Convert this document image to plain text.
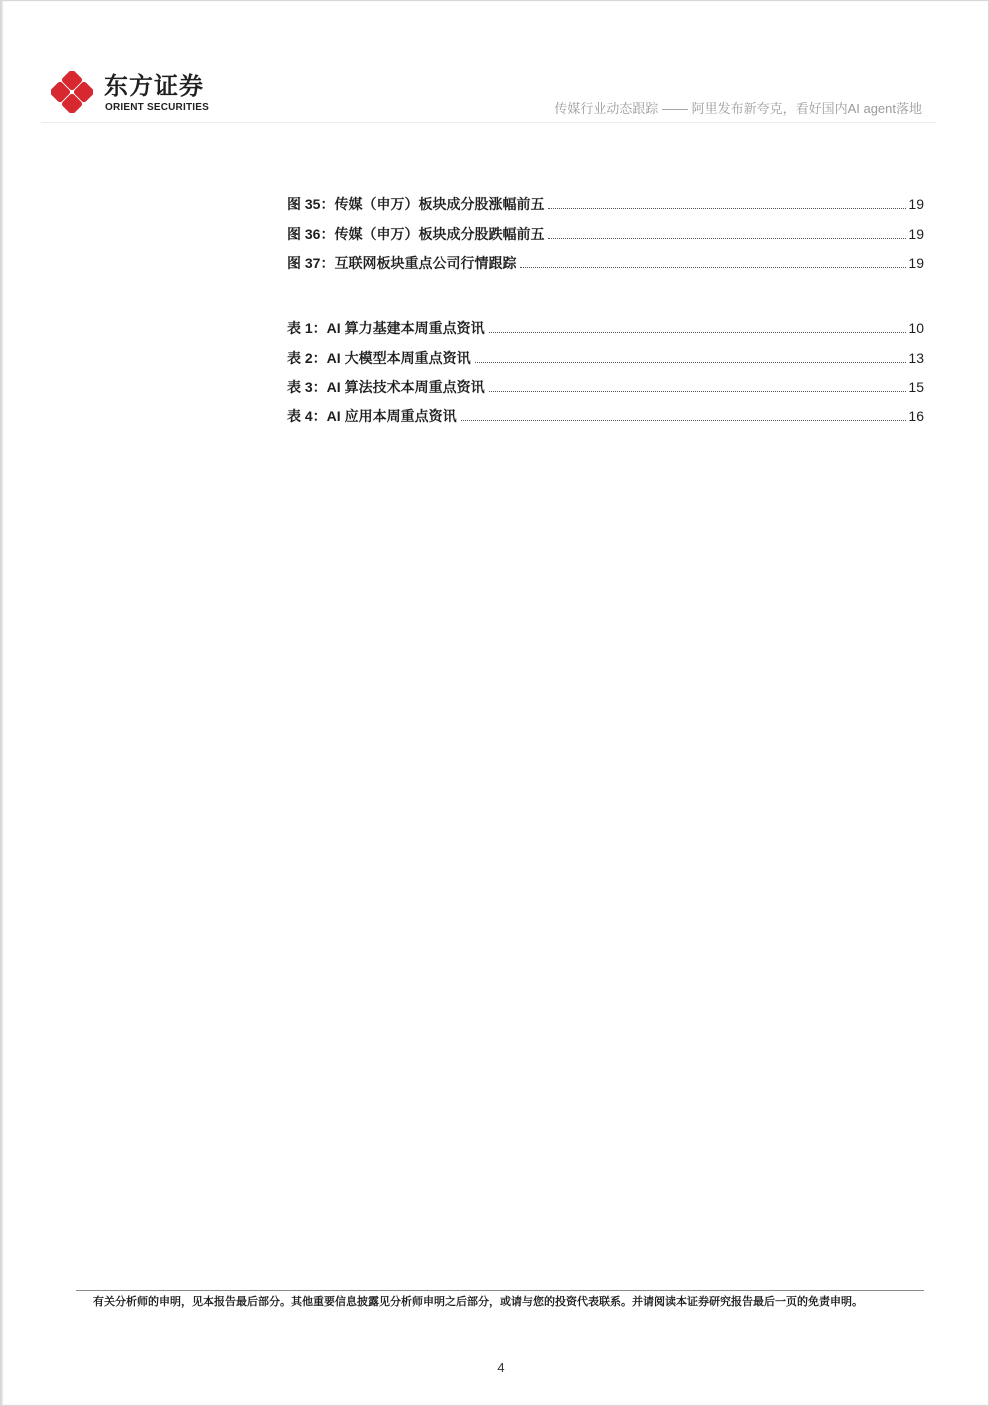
东方证券
ORIENT SECURITIES	传媒行业动态跟踪 —— 阿里发布新夸克，看好国内AI agent落地
图 35：传媒（申万）板块成分股涨幅前五	19
图 36：传媒（申万）板块成分股跌幅前五	19
图 37：互联网板块重点公司行情跟踪	19
表 1：AI 算力基建本周重点资讯	10
表 2：AI 大模型本周重点资讯	13
表 3：AI 算法技术本周重点资讯	15
表 4：AI 应用本周重点资讯	16
有关分析师的申明，见本报告最后部分。其他重要信息披露见分析师申明之后部分，或请与您的投资代表联系。并请阅读本证券研究报告最后一页的免责申明。
4
